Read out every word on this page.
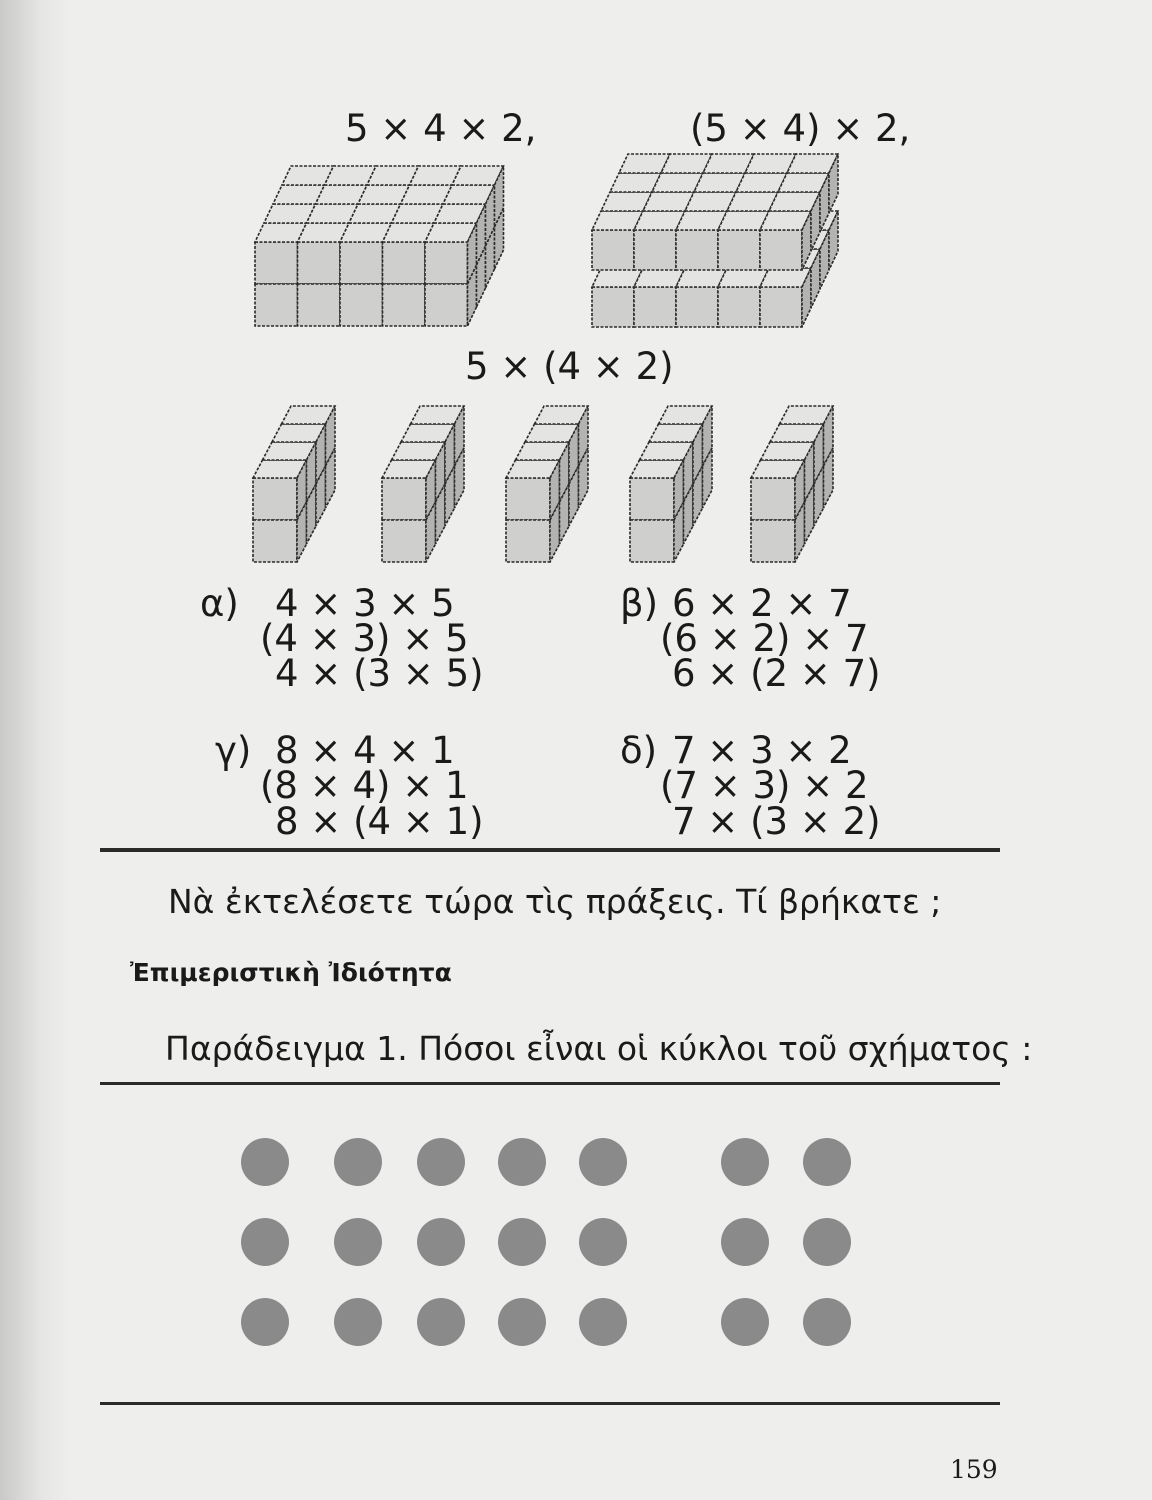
5 × 4 × 2,	(5 × 4) × 2,
5 × (4 × 2)
α) 4 × 3 × 5
(4 × 3) × 5
4 × (3 × 5)
β) 6 × 2 × 7
(6 × 2) × 7
6 × (2 × 7)
γ) 8 × 4 × 1
(8 × 4) × 1
8 × (4 × 1)
δ) 7 × 3 × 2
(7 × 3) × 2
7 × (3 × 2)
Νὰ ἐκτελέσετε τώρα τὶς πράξεις. Τί βρήκατε ;
Ἐπιμεριστικὴ Ἰδιότητα
Παράδειγμα 1. Πόσοι εἶναι οἱ κύκλοι τοῦ σχήματος :
159
